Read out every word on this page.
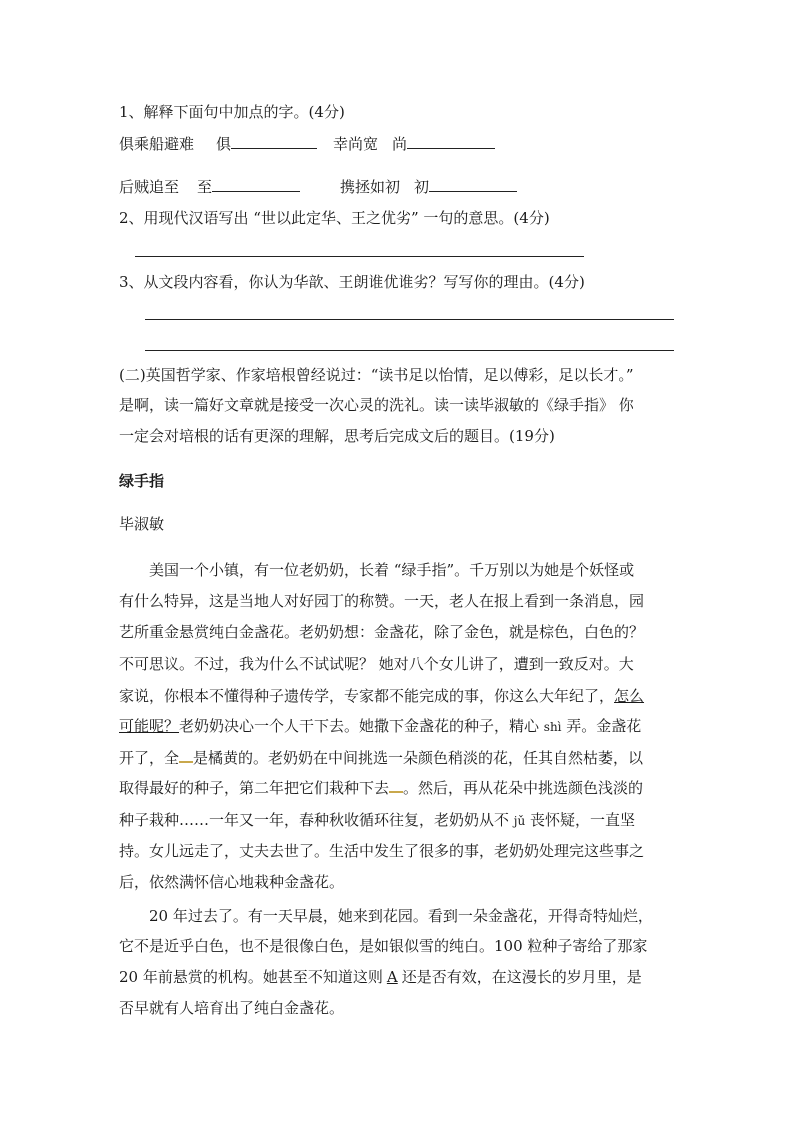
1、解释下面句中加点的字。(4分)
俱乘船避难 俱	幸尚宽 尚
后贼追至 至	携拯如初 初
2、用现代汉语写出 “世以此定华、王之优劣” 一句的意思。(4分)
3、从文段内容看，你认为华歆、王朗谁优谁劣？写写你的理由。(4分)
(二)英国哲学家、作家培根曾经说过：“读书足以怡情，足以傅彩，足以长才。”
是啊，读一篇好文章就是接受一次心灵的洗礼。读一读毕淑敏的《绿手指》 你
一定会对培根的话有更深的理解，思考后完成文后的题目。(19分)
绿手指
毕淑敏
美国一个小镇，有一位老奶奶，长着 “绿手指”。千万别以为她是个妖怪或
有什么特异，这是当地人对好园丁的称赞。一天，老人在报上看到一条消息，园
艺所重金悬赏纯白金盏花。老奶奶想：金盏花，除了金色，就是棕色，白色的？
不可思议。不过，我为什么不试试呢？ 她对八个女儿讲了，遭到一致反对。大
家说，你根本不懂得种子遗传学，专家都不能完成的事，你这么大年纪了，怎么
可能呢？老奶奶决心一个人干下去。她撒下金盏花的种子，精心 shì 弄。金盏花
开了，全 是橘黄的。老奶奶在中间挑选一朵颜色稍淡的花，任其自然枯萎，以
取得最好的种子，第二年把它们栽种下去 。然后，再从花朵中挑选颜色浅淡的
种子栽种……一年又一年，春种秋收循环往复，老奶奶从不 jǔ 丧怀疑，一直坚
持。女儿远走了，丈夫去世了。生活中发生了很多的事，老奶奶处理完这些事之
后，依然满怀信心地栽种金盏花。
20 年过去了。有一天早晨，她来到花园。看到一朵金盏花，开得奇特灿烂，
它不是近乎白色，也不是很像白色，是如银似雪的纯白。100 粒种子寄给了那家
20 年前悬赏的机构。她甚至不知道这则 A 还是否有效，在这漫长的岁月里，是
否早就有人培育出了纯白金盏花。
